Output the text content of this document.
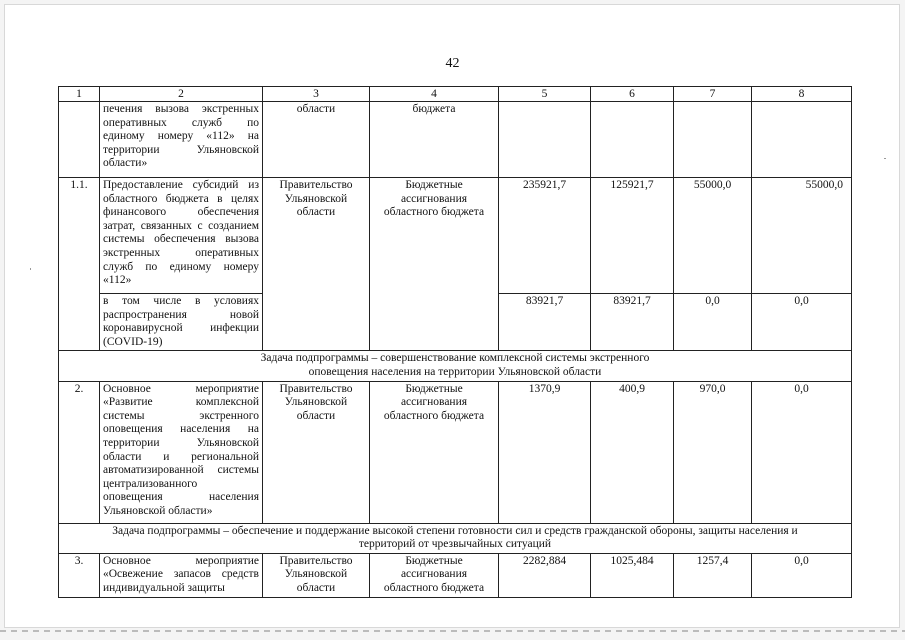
42
1	2	3	4	5	6	7	8
	печения вызова экстренных оперативных служб по единому номеру «112» на территории Ульяновской области»	области	бюджета				
1.1.	Предоставление субсидий из областного бюджета в целях финансового обеспечения затрат, связанных с созданием системы обеспечения вызова экстренных оперативных служб по единому номеру «112»	Правительство Ульяновской области	Бюджетные ассигнования областного бюджета	235921,7	125921,7	55000,0	55000,0
	в том числе в условиях распространения новой коронавирусной инфекции (COVID-19)			83921,7	83921,7	0,0	0,0
Задача подпрограммы – совершенствование комплексной системы экстренного оповещения населения на территории Ульяновской области							
2.	Основное мероприятие «Развитие комплексной системы экстренного оповещения населения на территории Ульяновской области и региональной автоматизированной системы централизованного оповещения населения Ульяновской области»	Правительство Ульяновской области	Бюджетные ассигнования областного бюджета	1370,9	400,9	970,0	0,0
Задача подпрограммы – обеспечение и поддержание высокой степени готовности сил и средств гражданской обороны, защиты населения и территорий от чрезвычайных ситуаций							
3.	Основное мероприятие «Освежение запасов средств индивидуальной защиты	Правительство Ульяновской области	Бюджетные ассигнования областного бюджета	2282,884	1025,484	1257,4	0,0
